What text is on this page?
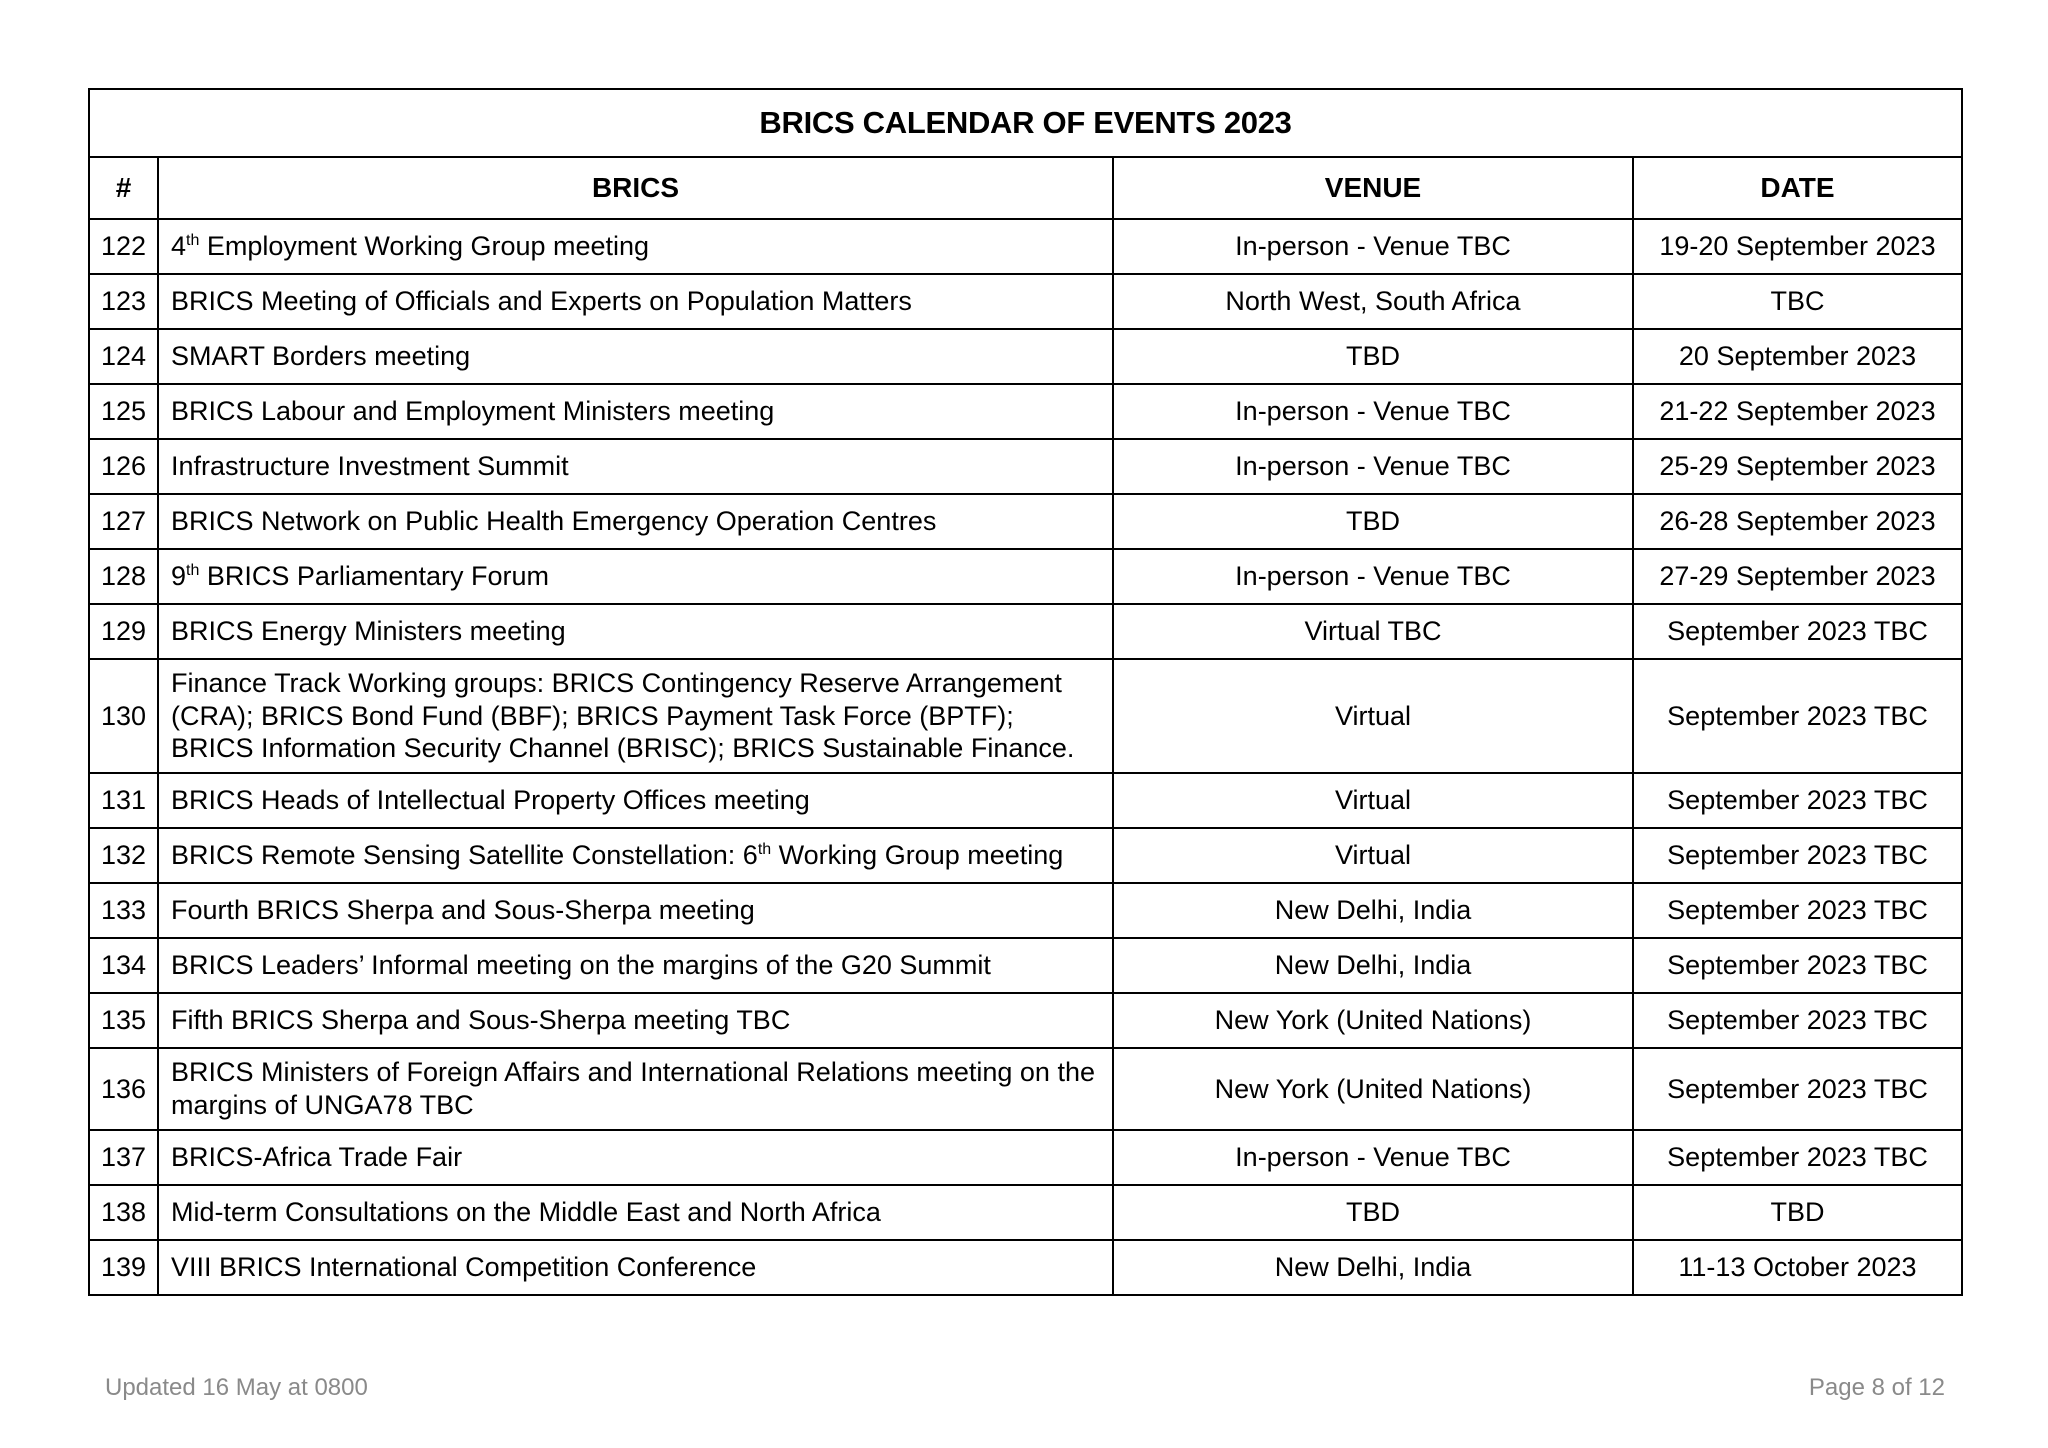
BRICS CALENDAR OF EVENTS 2023			
#	BRICS	VENUE	DATE
122	4th Employment Working Group meeting	In-person - Venue TBC	19-20 September 2023
123	BRICS Meeting of Officials and Experts on Population Matters	North West, South Africa	TBC
124	SMART Borders meeting	TBD	20 September 2023
125	BRICS Labour and Employment Ministers meeting	In-person - Venue TBC	21-22 September 2023
126	Infrastructure Investment Summit	In-person - Venue TBC	25-29 September 2023
127	BRICS Network on Public Health Emergency Operation Centres	TBD	26-28 September 2023
128	9th BRICS Parliamentary Forum	In-person - Venue TBC	27-29 September 2023
129	BRICS Energy Ministers meeting	Virtual TBC	September 2023 TBC
130	Finance Track Working groups: BRICS Contingency Reserve Arrangement (CRA); BRICS Bond Fund (BBF); BRICS Payment Task Force (BPTF); BRICS Information Security Channel (BRISC); BRICS Sustainable Finance.	Virtual	September 2023 TBC
131	BRICS Heads of Intellectual Property Offices meeting	Virtual	September 2023 TBC
132	BRICS Remote Sensing Satellite Constellation: 6th Working Group meeting	Virtual	September 2023 TBC
133	Fourth BRICS Sherpa and Sous-Sherpa meeting	New Delhi, India	September 2023 TBC
134	BRICS Leaders’ Informal meeting on the margins of the G20 Summit	New Delhi, India	September 2023 TBC
135	Fifth BRICS Sherpa and Sous-Sherpa meeting TBC	New York (United Nations)	September 2023 TBC
136	BRICS Ministers of Foreign Affairs and International Relations meeting on the margins of UNGA78 TBC	New York (United Nations)	September 2023 TBC
137	BRICS-Africa Trade Fair	In-person - Venue TBC	September 2023 TBC
138	Mid-term Consultations on the Middle East and North Africa	TBD	TBD
139	VIII BRICS International Competition Conference	New Delhi, India	11-13 October 2023
Updated 16 May at 0800	Page 8 of 12
